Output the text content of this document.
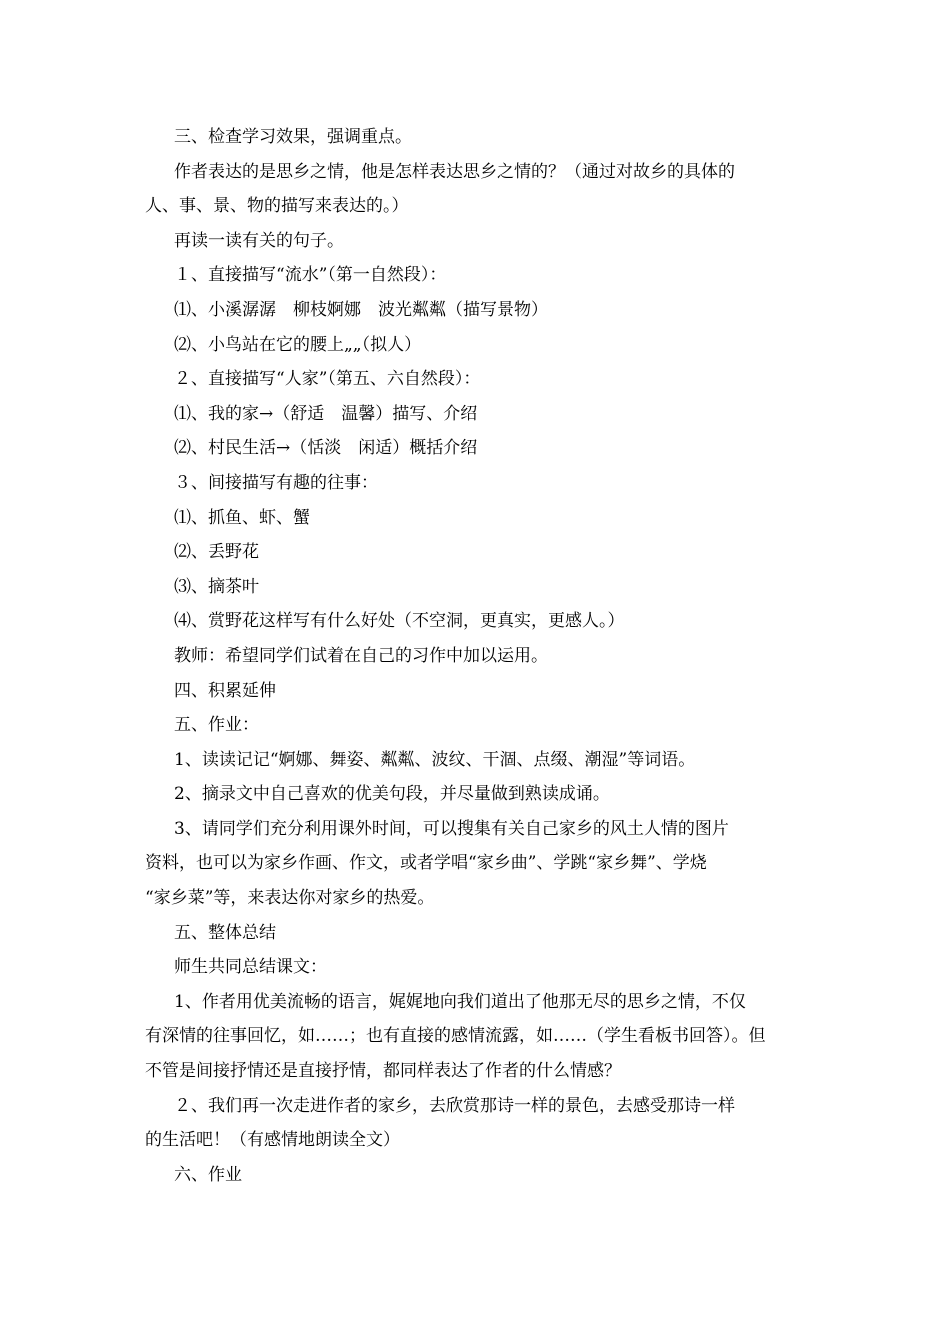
三、检查学习效果，强调重点。
作者表达的是思乡之情，他是怎样表达思乡之情的？（通过对故乡的具体的
人、事、景、物的描写来表达的。）
再读一读有关的句子。
１、直接描写“流水”（第一自然段）：
⑴、小溪潺潺　柳枝婀娜　波光粼粼（描写景物）
⑵、小鸟站在它的腰上„„（拟人）
２、直接描写“人家”（第五、六自然段）：
⑴、我的家→（舒适　温馨）描写、介绍
⑵、村民生活→（恬淡　闲适）概括介绍
３、间接描写有趣的往事：
⑴、抓鱼、虾、蟹
⑵、丢野花
⑶、摘茶叶
⑷、赏野花这样写有什么好处（不空洞，更真实，更感人。）
教师：希望同学们试着在自己的习作中加以运用。
四、积累延伸
五、作业：
1、读读记记“婀娜、舞姿、粼粼、波纹、干涸、点缀、潮湿”等词语。
2、摘录文中自己喜欢的优美句段，并尽量做到熟读成诵。
3、请同学们充分利用课外时间，可以搜集有关自己家乡的风土人情的图片
资料，也可以为家乡作画、作文，或者学唱“家乡曲”、学跳“家乡舞”、学烧
“家乡菜”等，来表达你对家乡的热爱。
五、整体总结
师生共同总结课文：
1、作者用优美流畅的语言，娓娓地向我们道出了他那无尽的思乡之情，不仅
有深情的往事回忆，如……；也有直接的感情流露，如……（学生看板书回答）。但
不管是间接抒情还是直接抒情，都同样表达了作者的什么情感？
２、我们再一次走进作者的家乡，去欣赏那诗一样的景色，去感受那诗一样
的生活吧！（有感情地朗读全文）
六、作业
